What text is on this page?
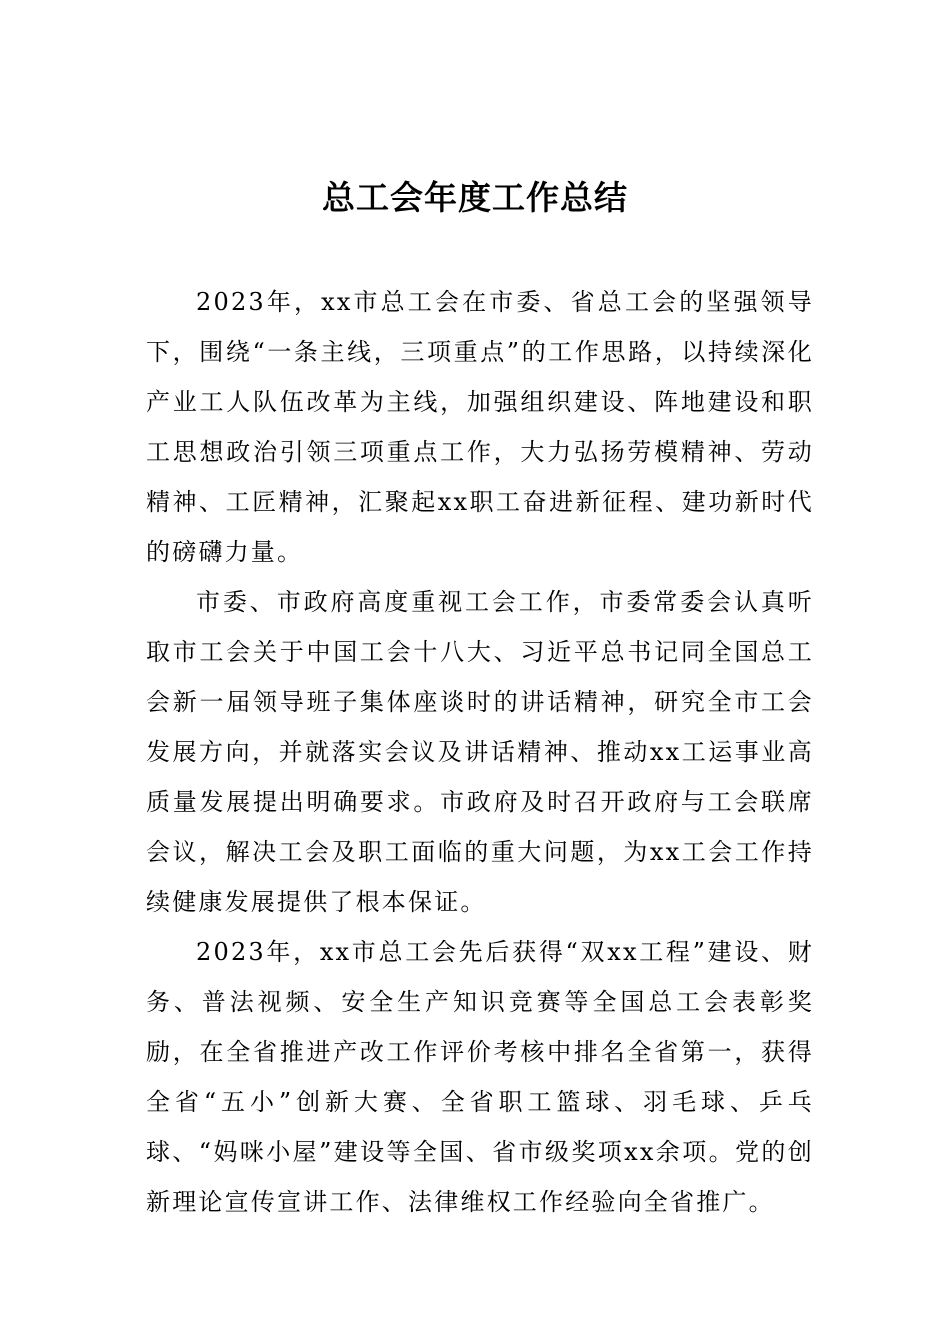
总工会年度工作总结

2023年，xx市总工会在市委、省总工会的坚强领导下，围绕“一条主线，三项重点”的工作思路，以持续深化产业工人队伍改革为主线，加强组织建设、阵地建设和职工思想政治引领三项重点工作，大力弘扬劳模精神、劳动精神、工匠精神，汇聚起xx职工奋进新征程、建功新时代的磅礴力量。

市委、市政府高度重视工会工作，市委常委会认真听取市工会关于中国工会十八大、习近平总书记同全国总工会新一届领导班子集体座谈时的讲话精神，研究全市工会发展方向，并就落实会议及讲话精神、推动xx工运事业高质量发展提出明确要求。市政府及时召开政府与工会联席会议，解决工会及职工面临的重大问题，为xx工会工作持续健康发展提供了根本保证。

2023年，xx市总工会先后获得“双xx工程”建设、财务、普法视频、安全生产知识竞赛等全国总工会表彰奖励，在全省推进产改工作评价考核中排名全省第一，获得全省“五小”创新大赛、全省职工篮球、羽毛球、乒乓球、“妈咪小屋”建设等全国、省市级奖项xx余项。党的创新理论宣传宣讲工作、法律维权工作经验向全省推广。
